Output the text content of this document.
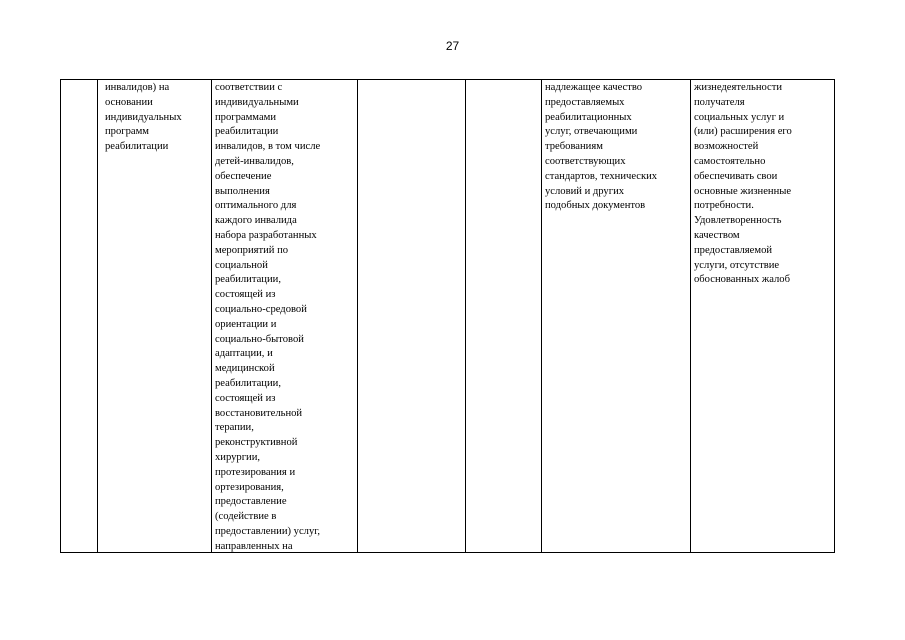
27
инвалидов) на
основании
индивидуальных
программ
реабилитации
соответствии с
индивидуальными
программами
реабилитации
инвалидов, в том числе
детей-инвалидов,
обеспечение
выполнения
оптимального для
каждого инвалида
набора разработанных
мероприятий по
социальной
реабилитации,
состоящей из
социально-средовой
ориентации и
социально-бытовой
адаптации, и
медицинской
реабилитации,
состоящей из
восстановительной
терапии,
реконструктивной
хирургии,
протезирования и
ортезирования,
предоставление
(содействие в
предоставлении) услуг,
направленных на
надлежащее качество
предоставляемых
реабилитационных
услуг, отвечающими
требованиям
соответствующих
стандартов, технических
условий и других
подобных документов
жизнедеятельности
получателя
социальных услуг и
(или) расширения его
возможностей
самостоятельно
обеспечивать свои
основные жизненные
потребности.
Удовлетворенность
качеством
предоставляемой
услуги, отсутствие
обоснованных жалоб
